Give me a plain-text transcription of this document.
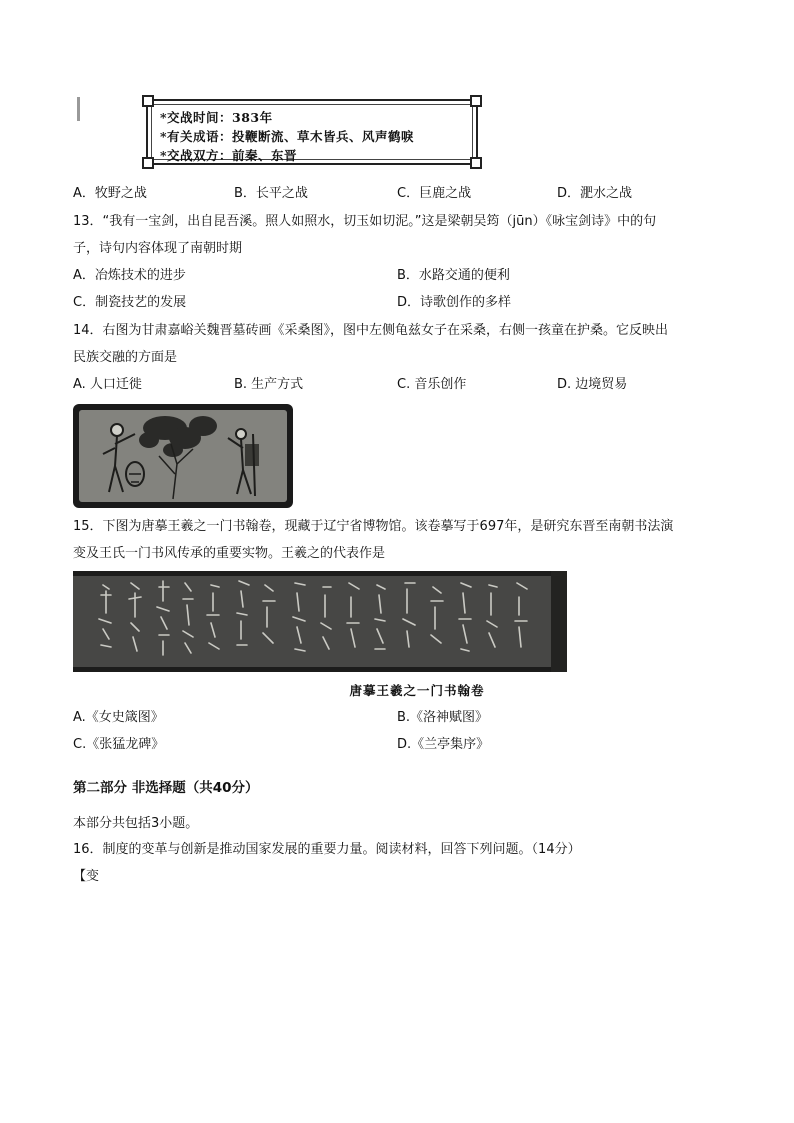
*交战时间：383年
*有关成语：投鞭断流、草木皆兵、风声鹤唳
*交战双方：前秦、东晋
A．牧野之战	B．长平之战	C．巨鹿之战	D．淝水之战
13．“我有一宝剑，出自昆吾溪。照人如照水，切玉如切泥。”这是梁朝吴筠（jūn）《咏宝剑诗》中的句
子，诗句内容体现了南朝时期
A．冶炼技术的进步	B．水路交通的便利
C．制瓷技艺的发展	D．诗歌创作的多样
14．右图为甘肃嘉峪关魏晋墓砖画《采桑图》，图中左侧龟兹女子在采桑，右侧一孩童在护桑。它反映出
民族交融的方面是
A. 人口迁徙	B. 生产方式	C. 音乐创作	D. 边境贸易
15．下图为唐摹王羲之一门书翰卷，现藏于辽宁省博物馆。该卷摹写于697年，是研究东晋至南朝书法演
变及王氏一门书风传承的重要实物。王羲之的代表作是
唐摹王羲之一门书翰卷
A.《女史箴图》	B.《洛神赋图》
C.《张猛龙碑》	D.《兰亭集序》
第二部分 非选择题（共40分）
本部分共包括3小题。
16．制度的变革与创新是推动国家发展的重要力量。阅读材料，回答下列问题。（14分）
【变
